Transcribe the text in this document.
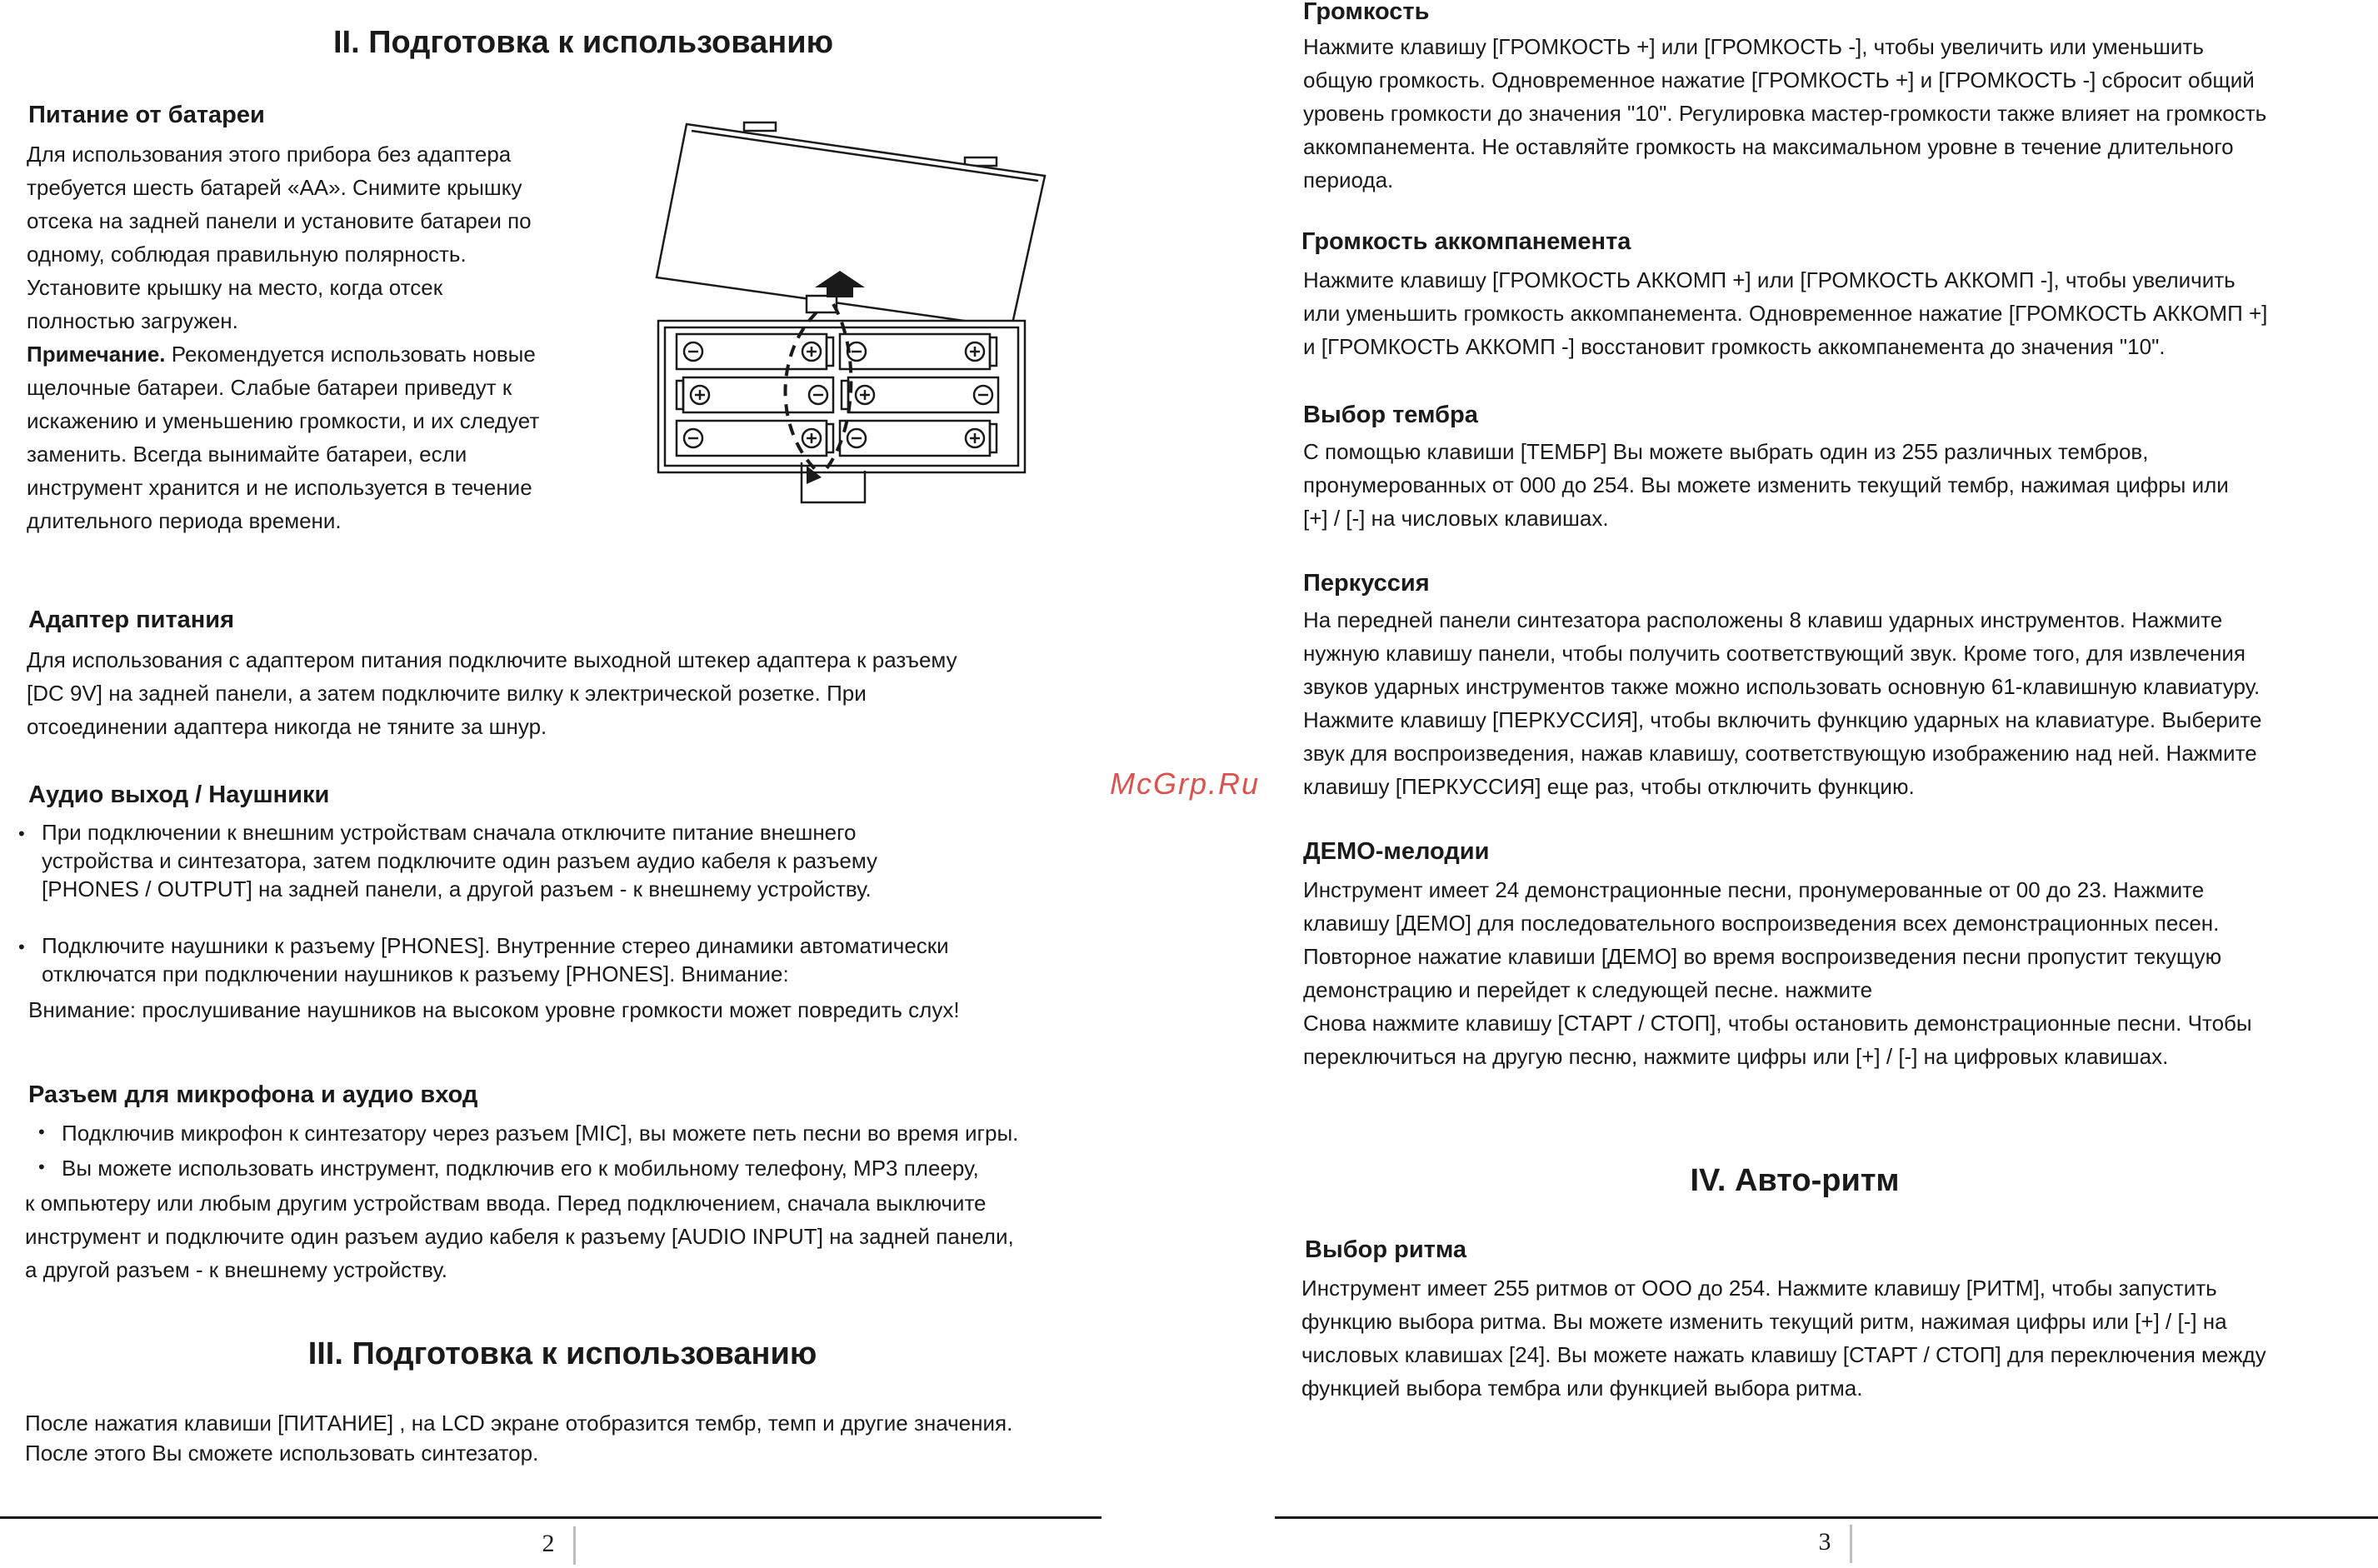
II. Подготовка к использованию
Питание от батареи
Для использования этого прибора без адаптера
требуется шесть батарей «AA». Снимите крышку
отсека на задней панели и установите батареи по
одному, соблюдая правильную полярность.
Установите крышку на место, когда отсек
полностью загружен.
Примечание. Рекомендуется использовать новые
щелочные батареи. Слабые батареи приведут к
искажению и уменьшению громкости, и их следует
заменить. Всегда вынимайте батареи, если
инструмент хранится и не используется в течение
длительного периода времени.
Адаптер питания
Для использования с адаптером питания подключите выходной штекер адаптера к разъему
[DC 9V] на задней панели, а затем подключите вилку к электрической розетке. При
отсоединении адаптера никогда не тяните за шнур.
Аудио выход / Наушники
• При подключении к внешним устройствам сначала отключите питание внешнего
устройства и синтезатора, затем подключите один разъем аудио кабеля к разъему
[PHONES / OUTPUT] на задней панели, а другой разъем - к внешнему устройству.
• Подключите наушники к разъему [PHONES]. Внутренние стерео динамики автоматически
отключатся при подключении наушников к разъему [PHONES]. Внимание:
Внимание: прослушивание наушников на высоком уровне громкости может повредить слух!
Разъем для микрофона и аудио вход
• Подключив микрофон к синтезатору через разъем [MIC], вы можете петь песни во время игры.
• Вы можете использовать инструмент, подключив его к мобильному телефону, MP3 плееру,
к омпьютеру или любым другим устройствам ввода. Перед подключением, сначала выключите
инструмент и подключите один разъем аудио кабеля к разъему [AUDIO INPUT] на задней панели,
а другой разъем - к внешнему устройству.
III. Подготовка к использованию
После нажатия клавиши [ПИТАНИЕ] , на LCD экране отобразится тембр, темп и другие значения.
После этого Вы сможете использовать синтезатор.
2
McGrp.Ru
Громкость
Нажмите клавишу [ГРОМКОСТЬ +] или [ГРОМКОСТЬ -], чтобы увеличить или уменьшить
общую громкость. Одновременное нажатие [ГРОМКОСТЬ +] и [ГРОМКОСТЬ -] сбросит общий
уровень громкости до значения "10". Регулировка мастер-громкости также влияет на громкость
аккомпанемента. Не оставляйте громкость на максимальном уровне в течение длительного
периода.
Громкость аккомпанемента
Нажмите клавишу [ГРОМКОСТЬ АККОМП +] или [ГРОМКОСТЬ АККОМП -], чтобы увеличить
или уменьшить громкость аккомпанемента. Одновременное нажатие [ГРОМКОСТЬ АККОМП +]
и [ГРОМКОСТЬ АККОМП -] восстановит громкость аккомпанемента до значения "10".
Выбор тембра
С помощью клавиши [ТЕМБР] Вы можете выбрать один из 255 различных тембров,
пронумерованных от 000 до 254. Вы можете изменить текущий тембр, нажимая цифры или
[+] / [-] на числовых клавишах.
Перкуссия
На передней панели синтезатора расположены 8 клавиш ударных инструментов. Нажмите
нужную клавишу панели, чтобы получить соответствующий звук. Кроме того, для извлечения
звуков ударных инструментов также можно использовать основную 61-клавишную клавиатуру.
Нажмите клавишу [ПЕРКУССИЯ], чтобы включить функцию ударных на клавиатуре. Выберите
звук для воспроизведения, нажав клавишу, соответствующую изображению над ней. Нажмите
клавишу [ПЕРКУССИЯ] еще раз, чтобы отключить функцию.
ДЕМО-мелодии
Инструмент имеет 24 демонстрационные песни, пронумерованные от 00 до 23. Нажмите
клавишу [ДЕМО] для последовательного воспроизведения всех демонстрационных песен.
Повторное нажатие клавиши [ДЕМО] во время воспроизведения песни пропустит текущую
демонстрацию и перейдет к следующей песне. нажмите
Снова нажмите клавишу [СТАРТ / СТОП], чтобы остановить демонстрационные песни. Чтобы
переключиться на другую песню, нажмите цифры или [+] / [-] на цифровых клавишах.
IV. Авто-ритм
Выбор ритма
Инструмент имеет 255 ритмов от ООО до 254. Нажмите клавишу [РИТМ], чтобы запустить
функцию выбора ритма. Вы можете изменить текущий ритм, нажимая цифры или [+] / [-] на
числовых клавишах [24]. Вы можете нажать клавишу [СТАРТ / СТОП] для переключения между
функцией выбора тембра или функцией выбора ритма.
3
